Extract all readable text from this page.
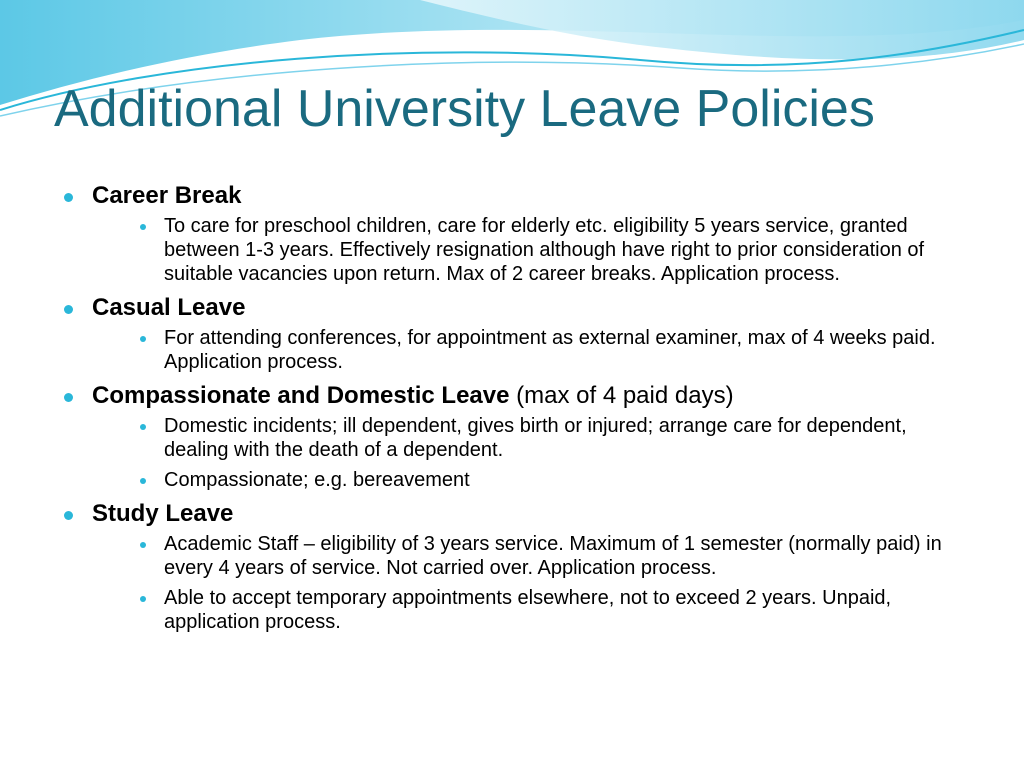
Additional University Leave Policies
Career Break
To care for preschool children, care for elderly etc. eligibility 5 years service, granted between 1-3 years. Effectively resignation although have right to prior consideration of suitable vacancies upon return. Max of 2 career breaks. Application process.
Casual Leave
For attending conferences, for appointment as external examiner, max of 4 weeks paid. Application process.
Compassionate and Domestic Leave (max of 4 paid days)
Domestic incidents; ill dependent, gives birth or injured; arrange care for dependent, dealing with the death of a dependent.
Compassionate; e.g. bereavement
Study Leave
Academic Staff – eligibility of 3 years service. Maximum of 1 semester (normally paid) in every 4 years of service. Not carried over. Application process.
Able to accept temporary appointments elsewhere, not to exceed 2 years. Unpaid, application process.
